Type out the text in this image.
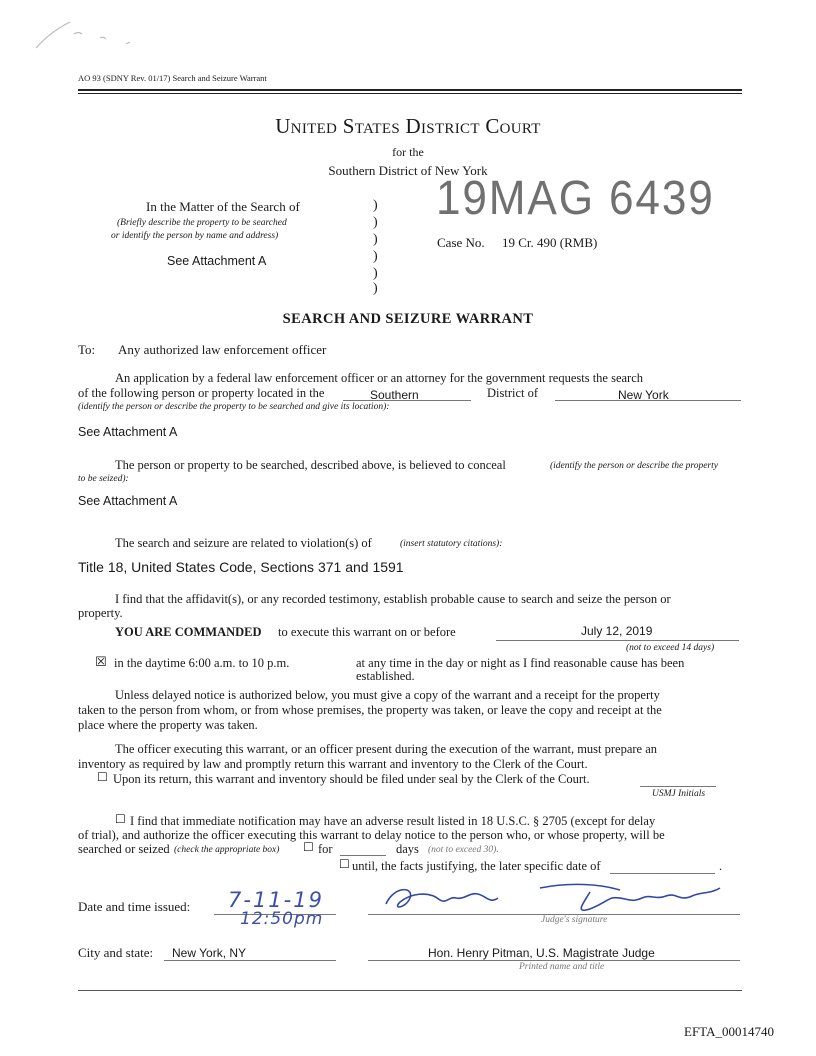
AO 93 (SDNY Rev. 01/17) Search and Seizure Warrant
United States District Court
for the
Southern District of New York
In the Matter of the Search of
(Briefly describe the property to be searched
or identify the person by name and address)
See Attachment A
)
)
)
)
)
)
19MAG 6439
Case No. 19 Cr. 490 (RMB)
SEARCH AND SEIZURE WARRANT
To: Any authorized law enforcement officer
An application by a federal law enforcement officer or an attorney for the government requests the search
of the following person or property located in the	Southern	District of	New York
(identify the person or describe the property to be searched and give its location):
See Attachment A
The person or property to be searched, described above, is believed to conceal	(identify the person or describe the property
to be seized):
See Attachment A
The search and seizure are related to violation(s) of	(insert statutory citations):
Title 18, United States Code, Sections 371 and 1591
I find that the affidavit(s), or any recorded testimony, establish probable cause to search and seize the person or
property.
YOU ARE COMMANDED to execute this warrant on or before	July 12, 2019
(not to exceed 14 days)
☒ in the daytime 6:00 a.m. to 10 p.m.	at any time in the day or night as I find reasonable cause has been
established.
Unless delayed notice is authorized below, you must give a copy of the warrant and a receipt for the property
taken to the person from whom, or from whose premises, the property was taken, or leave the copy and receipt at the
place where the property was taken.
The officer executing this warrant, or an officer present during the execution of the warrant, must prepare an
inventory as required by law and promptly return this warrant and inventory to the Clerk of the Court.
☐ Upon its return, this warrant and inventory should be filed under seal by the Clerk of the Court.
USMJ Initials
☐ I find that immediate notification may have an adverse result listed in 18 U.S.C. § 2705 (except for delay
of trial), and authorize the officer executing this warrant to delay notice to the person who, or whose property, will be
searched or seized (check the appropriate box) ☐ for	days (not to exceed 30).
☐ until, the facts justifying, the later specific date of	.
Date and time issued: 7-11-19
12:50pm	Judge's signature
City and state: New York, NY	Hon. Henry Pitman, U.S. Magistrate Judge
Printed name and title
EFTA_00014740
